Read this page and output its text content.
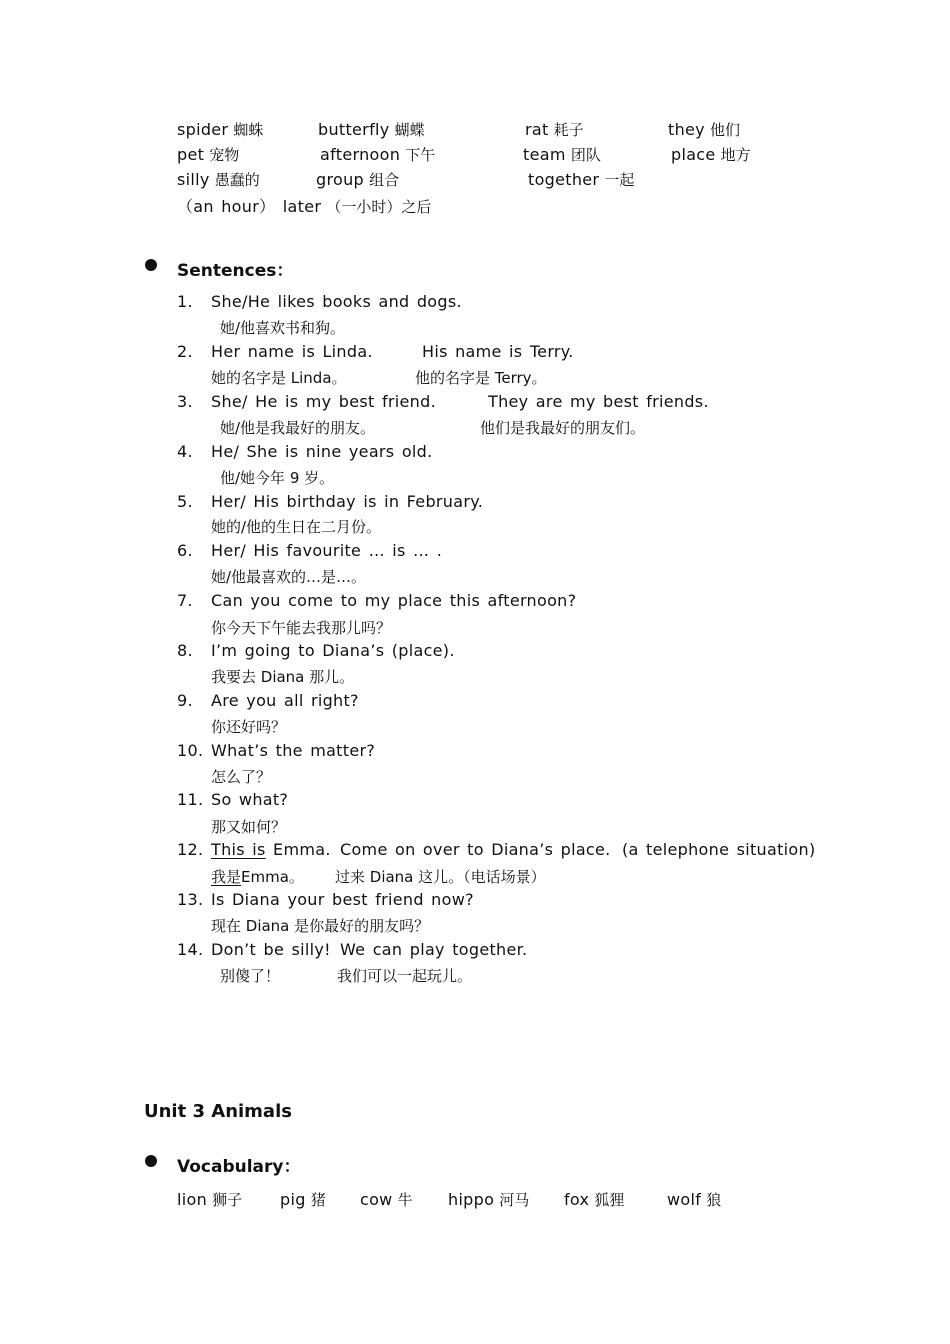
spider 蜘蛛	butterfly 蝴蝶	rat 耗子	they 他们
pet 宠物	afternoon 下午	team 团队	place 地方
silly 愚蠢的	group 组合	together 一起
（an hour） later （一小时）之后
Sentences：
1. She/He likes books and dogs.
她/他喜欢书和狗。
2. Her name is Linda.	His name is Terry.
她的名字是 Linda。	他的名字是 Terry。
3. She/ He is my best friend.	They are my best friends.
她/他是我最好的朋友。	他们是我最好的朋友们。
4. He/ She is nine years old.
他/她今年 9 岁。
5. Her/ His birthday is in February.
她的/他的生日在二月份。
6. Her/ His favourite … is … .
她/他最喜欢的…是…。
7. Can you come to my place this afternoon?
你今天下午能去我那儿吗？
8. I’m going to Diana’s (place).
我要去 Diana 那儿。
9. Are you all right?
你还好吗？
10. What’s the matter?
怎么了？
11. So what?
那又如何？
12. This is Emma. Come on over to Diana’s place. (a telephone situation)
我是Emma。 过来 Diana 这儿。（电话场景）
13. Is Diana your best friend now?
现在 Diana 是你最好的朋友吗？
14. Don’t be silly! We can play together.
别傻了！	我们可以一起玩儿。
Unit 3 Animals
Vocabulary：
lion 狮子 pig 猪 cow 牛 hippo 河马 fox 狐狸	wolf 狼
